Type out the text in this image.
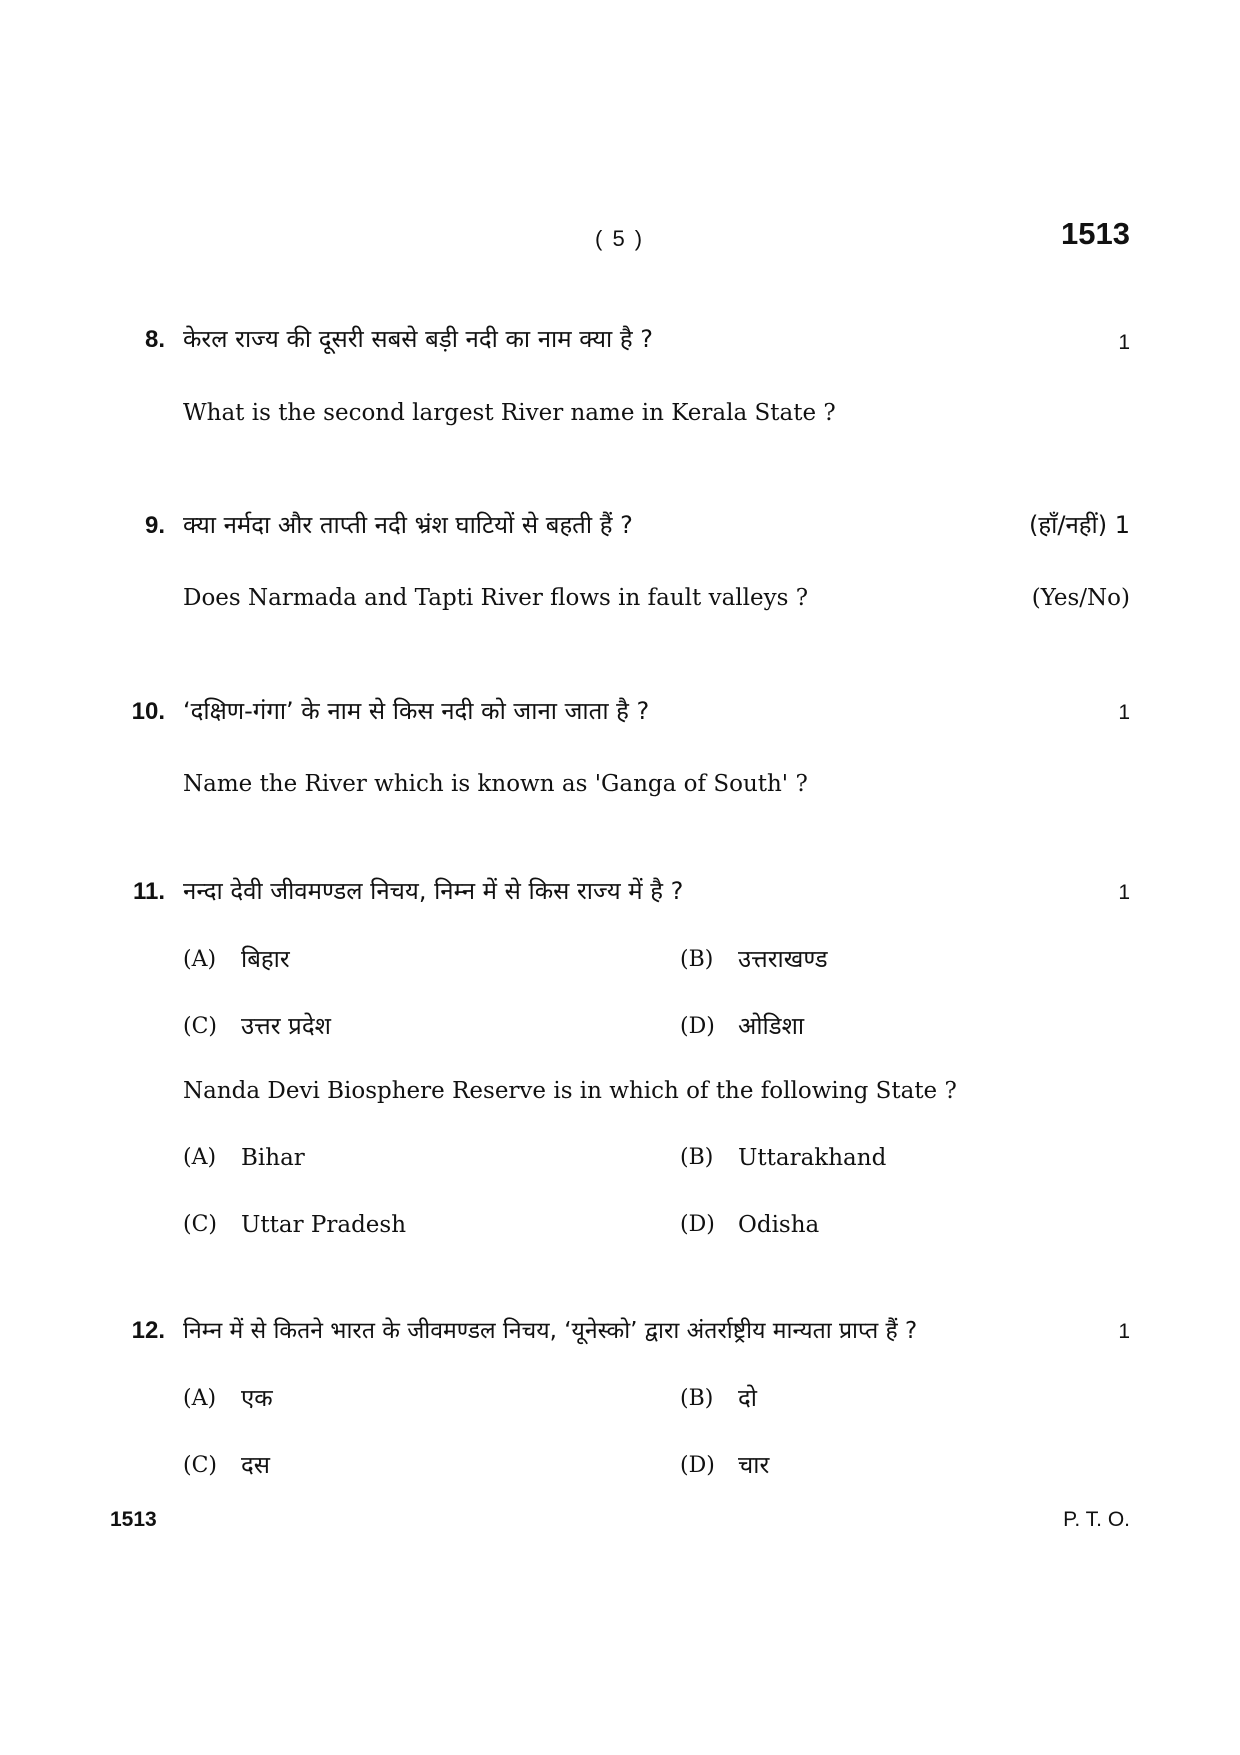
( 5 )	1513
8. केरल राज्य की दूसरी सबसे बड़ी नदी का नाम क्या है ?	1
What is the second largest River name in Kerala State ?
9. क्या नर्मदा और ताप्ती नदी भ्रंश घाटियों से बहती हैं ?	(हाँ/नहीं) 1
Does Narmada and Tapti River flows in fault valleys ?	(Yes/No)
10. ‘दक्षिण-गंगा’ के नाम से किस नदी को जाना जाता है ?	1
Name the River which is known as 'Ganga of South' ?
11. नन्दा देवी जीवमण्डल निचय, निम्न में से किस राज्य में है ?	1
(A) बिहार	(B) उत्तराखण्ड
(C) उत्तर प्रदेश	(D) ओडिशा
Nanda Devi Biosphere Reserve is in which of the following State ?
(A) Bihar	(B) Uttarakhand
(C) Uttar Pradesh	(D) Odisha
12. निम्न में से कितने भारत के जीवमण्डल निचय, ‘यूनेस्को’ द्वारा अंतर्राष्ट्रीय मान्यता प्राप्त हैं ?	1
(A) एक	(B) दो
(C) दस	(D) चार
1513	P. T. O.
